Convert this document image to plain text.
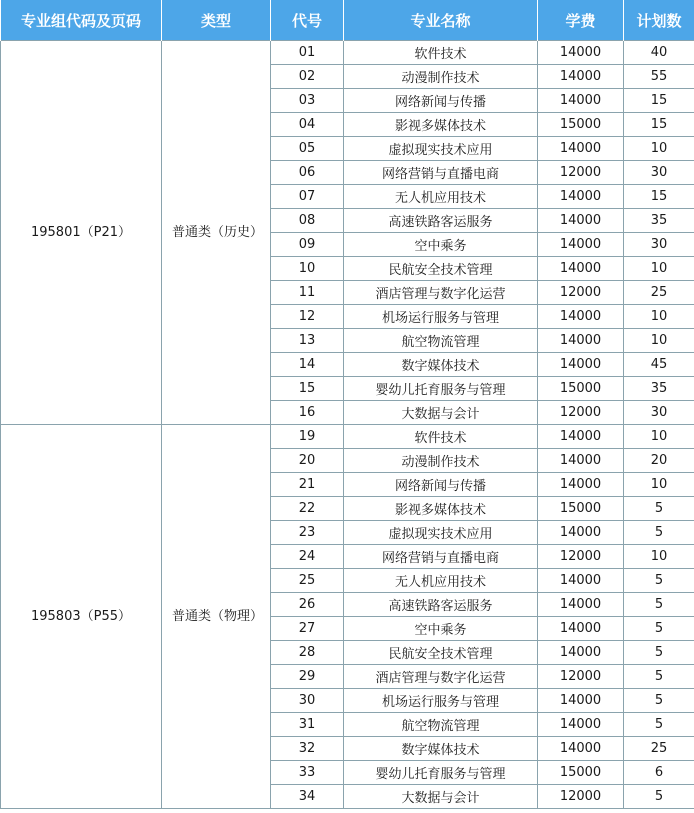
专业组代码及页码	类型	代号	专业名称	学费	计划数
195801（P21）	普通类（历史）	01	软件技术	14000	40
		02	动漫制作技术	14000	55
		03	网络新闻与传播	14000	15
		04	影视多媒体技术	15000	15
		05	虚拟现实技术应用	14000	10
		06	网络营销与直播电商	12000	30
		07	无人机应用技术	14000	15
		08	高速铁路客运服务	14000	35
		09	空中乘务	14000	30
		10	民航安全技术管理	14000	10
		11	酒店管理与数字化运营	12000	25
		12	机场运行服务与管理	14000	10
		13	航空物流管理	14000	10
		14	数字媒体技术	14000	45
		15	婴幼儿托育服务与管理	15000	35
		16	大数据与会计	12000	30
195803（P55）	普通类（物理）	19	软件技术	14000	10
		20	动漫制作技术	14000	20
		21	网络新闻与传播	14000	10
		22	影视多媒体技术	15000	5
		23	虚拟现实技术应用	14000	5
		24	网络营销与直播电商	12000	10
		25	无人机应用技术	14000	5
		26	高速铁路客运服务	14000	5
		27	空中乘务	14000	5
		28	民航安全技术管理	14000	5
		29	酒店管理与数字化运营	12000	5
		30	机场运行服务与管理	14000	5
		31	航空物流管理	14000	5
		32	数字媒体技术	14000	25
		33	婴幼儿托育服务与管理	15000	6
		34	大数据与会计	12000	5
